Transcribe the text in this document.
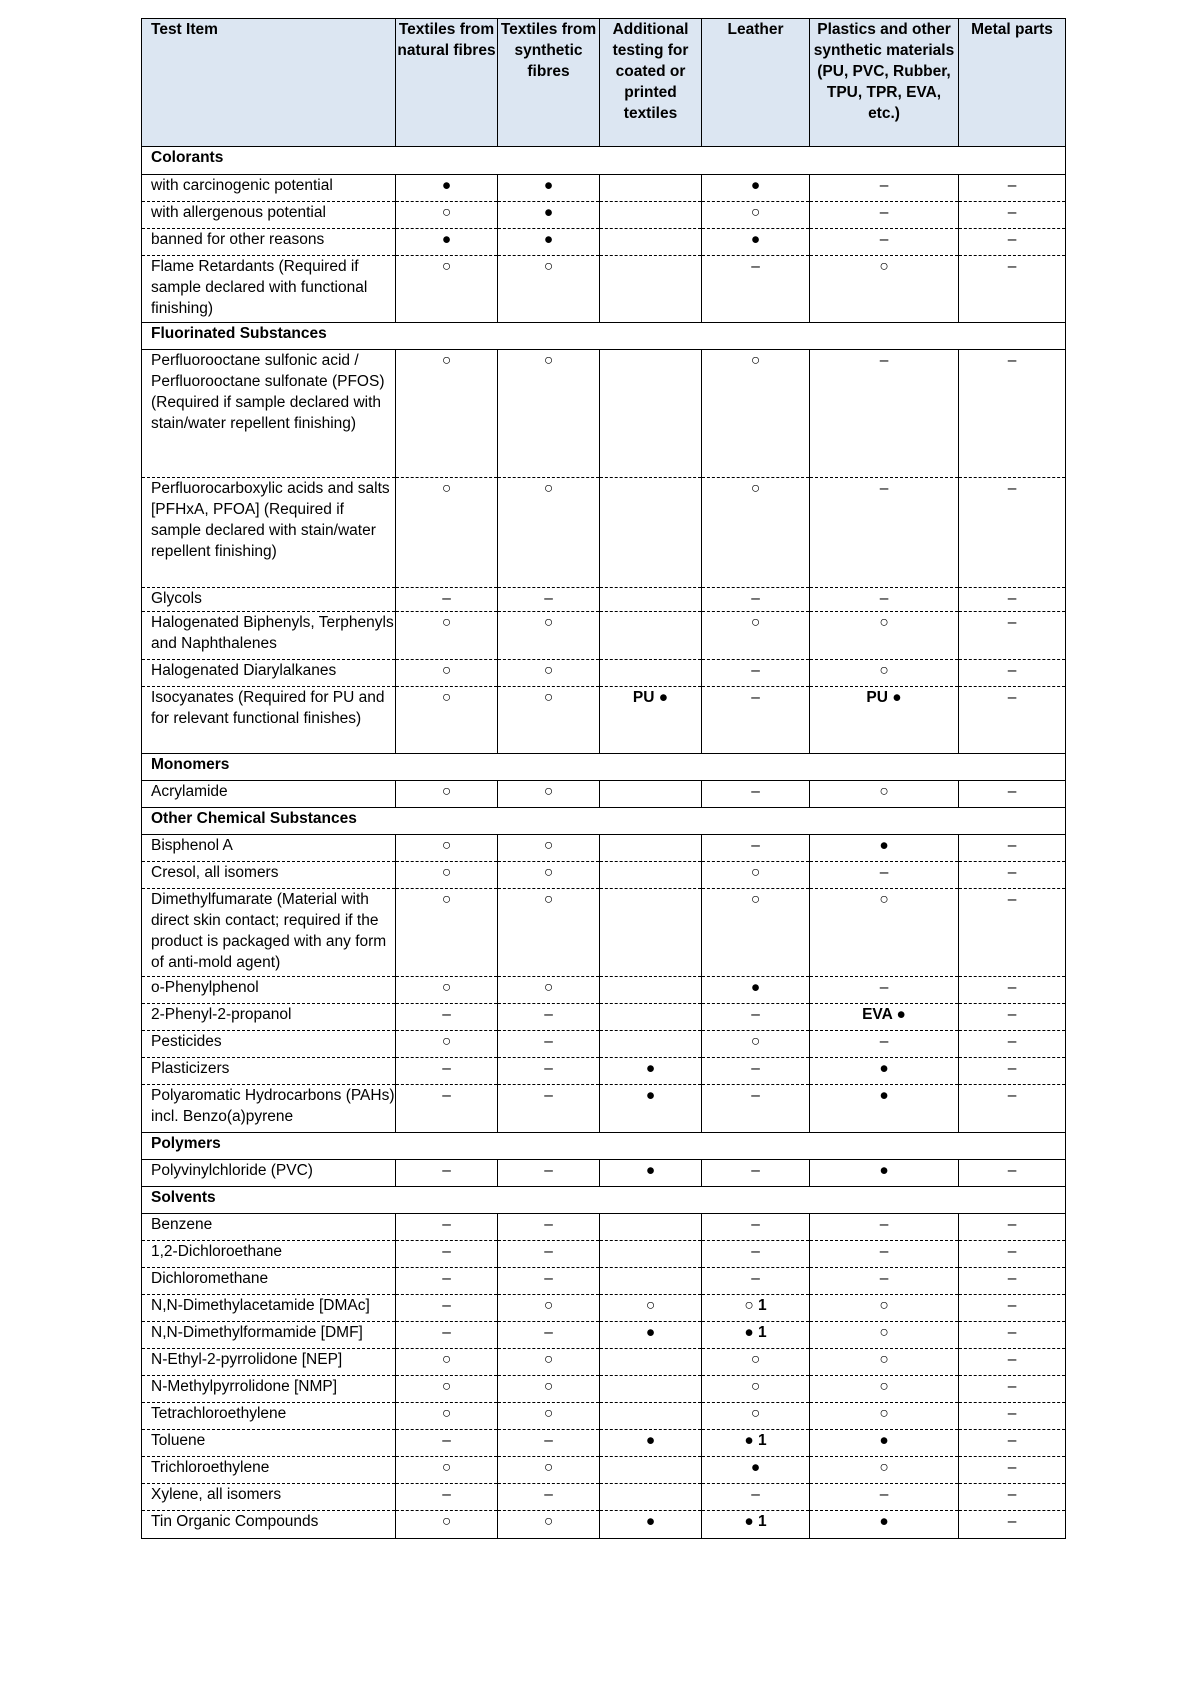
Test Item	Textiles from natural fibres	Textiles from synthetic fibres	Additional testing for coated or printed textiles	Leather	Plastics and other synthetic materials (PU, PVC, Rubber, TPU, TPR, EVA, etc.)	Metal parts
Colorants						
with carcinogenic potential	●	●		●	–	–
with allergenous potential	○	●		○	–	–
banned for other reasons	●	●		●	–	–
Flame Retardants (Required if sample declared with functional finishing)	○	○		–	○	–
Fluorinated Substances						
Perfluorooctane sulfonic acid / Perfluorooctane sulfonate (PFOS) (Required if sample declared with stain/water repellent finishing)	○	○		○	–	–
Perfluorocarboxylic acids and salts [PFHxA, PFOA] (Required if sample declared with stain/water repellent finishing)	○	○		○	–	–
Glycols	–	–		–	–	–
Halogenated Biphenyls, Terphenyls and Naphthalenes	○	○		○	○	–
Halogenated Diarylalkanes	○	○		–	○	–
Isocyanates (Required for PU and for relevant functional finishes)	○	○	PU ●	–	PU ●	–
Monomers						
Acrylamide	○	○		–	○	–
Other Chemical Substances						
Bisphenol A	○	○		–	●	–
Cresol, all isomers	○	○		○	–	–
Dimethylfumarate (Material with direct skin contact; required if the product is packaged with any form of anti-mold agent)	○	○		○	○	–
o-Phenylphenol	○	○		●	–	–
2-Phenyl-2-propanol	–	–		–	EVA ●	–
Pesticides	○	–		○	–	–
Plasticizers	–	–	●	–	●	–
Polyaromatic Hydrocarbons (PAHs) incl. Benzo(a)pyrene	–	–	●	–	●	–
Polymers						
Polyvinylchloride (PVC)	–	–	●	–	●	–
Solvents						
Benzene	–	–		–	–	–
1,2-Dichloroethane	–	–		–	–	–
Dichloromethane	–	–		–	–	–
N,N-Dimethylacetamide [DMAc]	–	○	○	○ 1	○	–
N,N-Dimethylformamide [DMF]	–	–	●	● 1	○	–
N-Ethyl-2-pyrrolidone [NEP]	○	○		○	○	–
N-Methylpyrrolidone [NMP]	○	○		○	○	–
Tetrachloroethylene	○	○		○	○	–
Toluene	–	–	●	● 1	●	–
Trichloroethylene	○	○		●	○	–
Xylene, all isomers	–	–		–	–	–
Tin Organic Compounds	○	○	●	● 1	●	–
